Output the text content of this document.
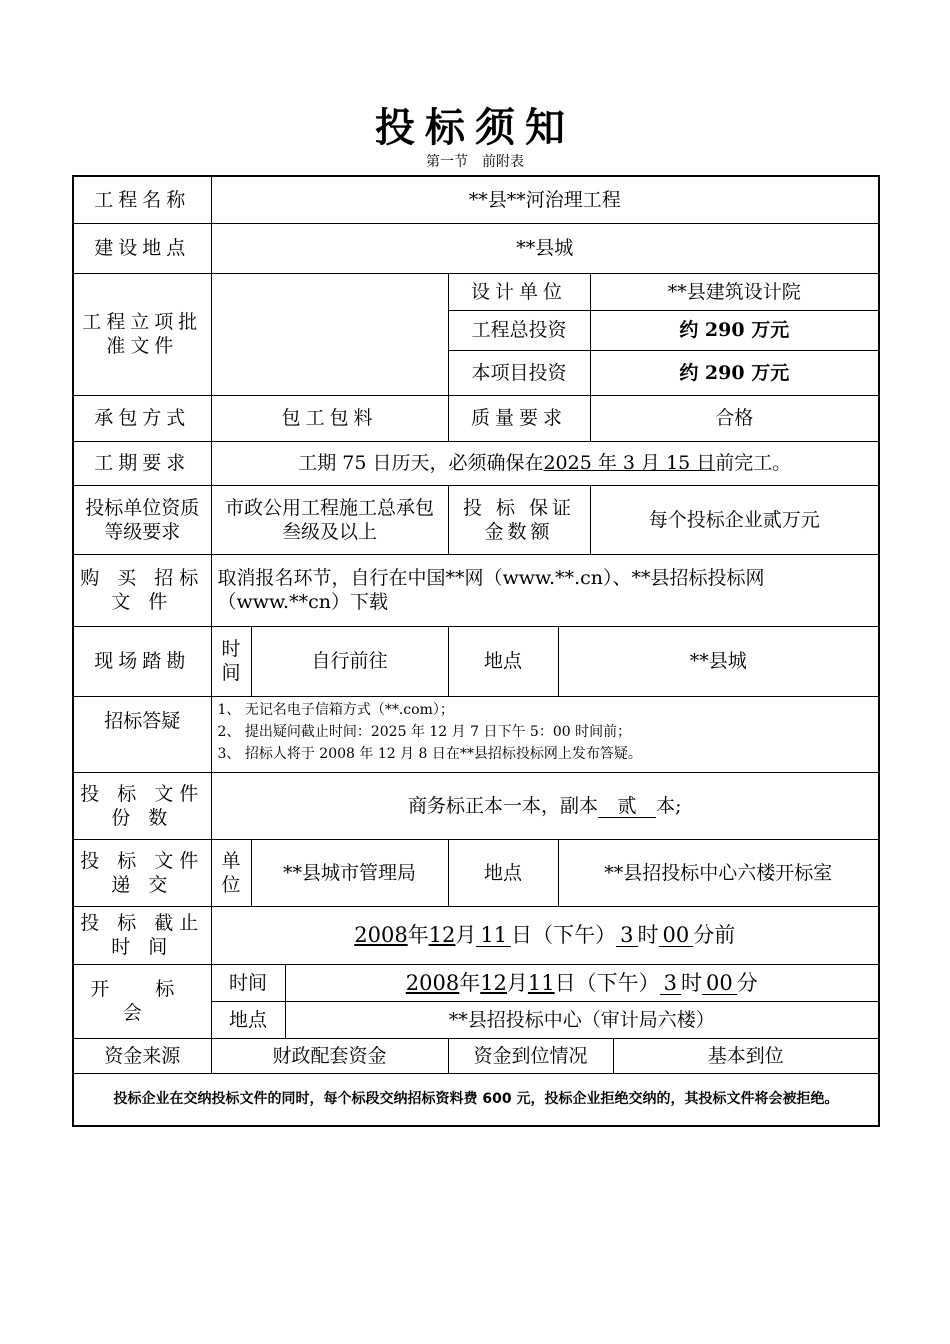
投标须知
第一节　前附表
工程名称	**县**河治理工程						
建设地点	**县城						
工程立项批准文件				设计单位		**县建筑设计院	
				工程总投资		约 290 万元	
				本项目投资		约 290 万元	
承包方式	包工包料			质量要求		合格	
工期要求	工期 75 日历天，必须确保在2025 年 3 月 15 日前完工。						
投标单位资质等级要求	市政公用工程施工总承包叁级及以上			投 标 保证金数额		每个投标企业贰万元	
购 买 招标 文 件	取消报名环节，自行在中国**网（www.**.cn）、**县招标投标网（www.**cn）下载						
现场踏勘	时间	自行前往		地点	**县城		
招标答疑	1、 无记名电子信箱方式（**.com）；
2、 提出疑问截止时间：2025 年 12 月 7 日下午 5：00 时间前；
3、 招标人将于 2008 年 12 月 8 日在**县招标投标网上发布答疑。						

投 标 文件 份 数	商务标正本一本，副本 贰 本;						
投 标 文件 递 交	单位	**县城市管理局		地点	**县招投标中心六楼开标室		
投 标 截止 时 间	2008年12月 11 日（下午） 3 时 00 分前						
开 标 会	时间		2008年12月11日（下午） 3 时 00 分				
	地点		**县招投标中心（审计局六楼）				
资金来源	财政配套资金			资金到位情况			基本到位
投标企业在交纳投标文件的同时，每个标段交纳招标资料费 600 元，投标企业拒绝交纳的，其投标文件将会被拒绝。							
